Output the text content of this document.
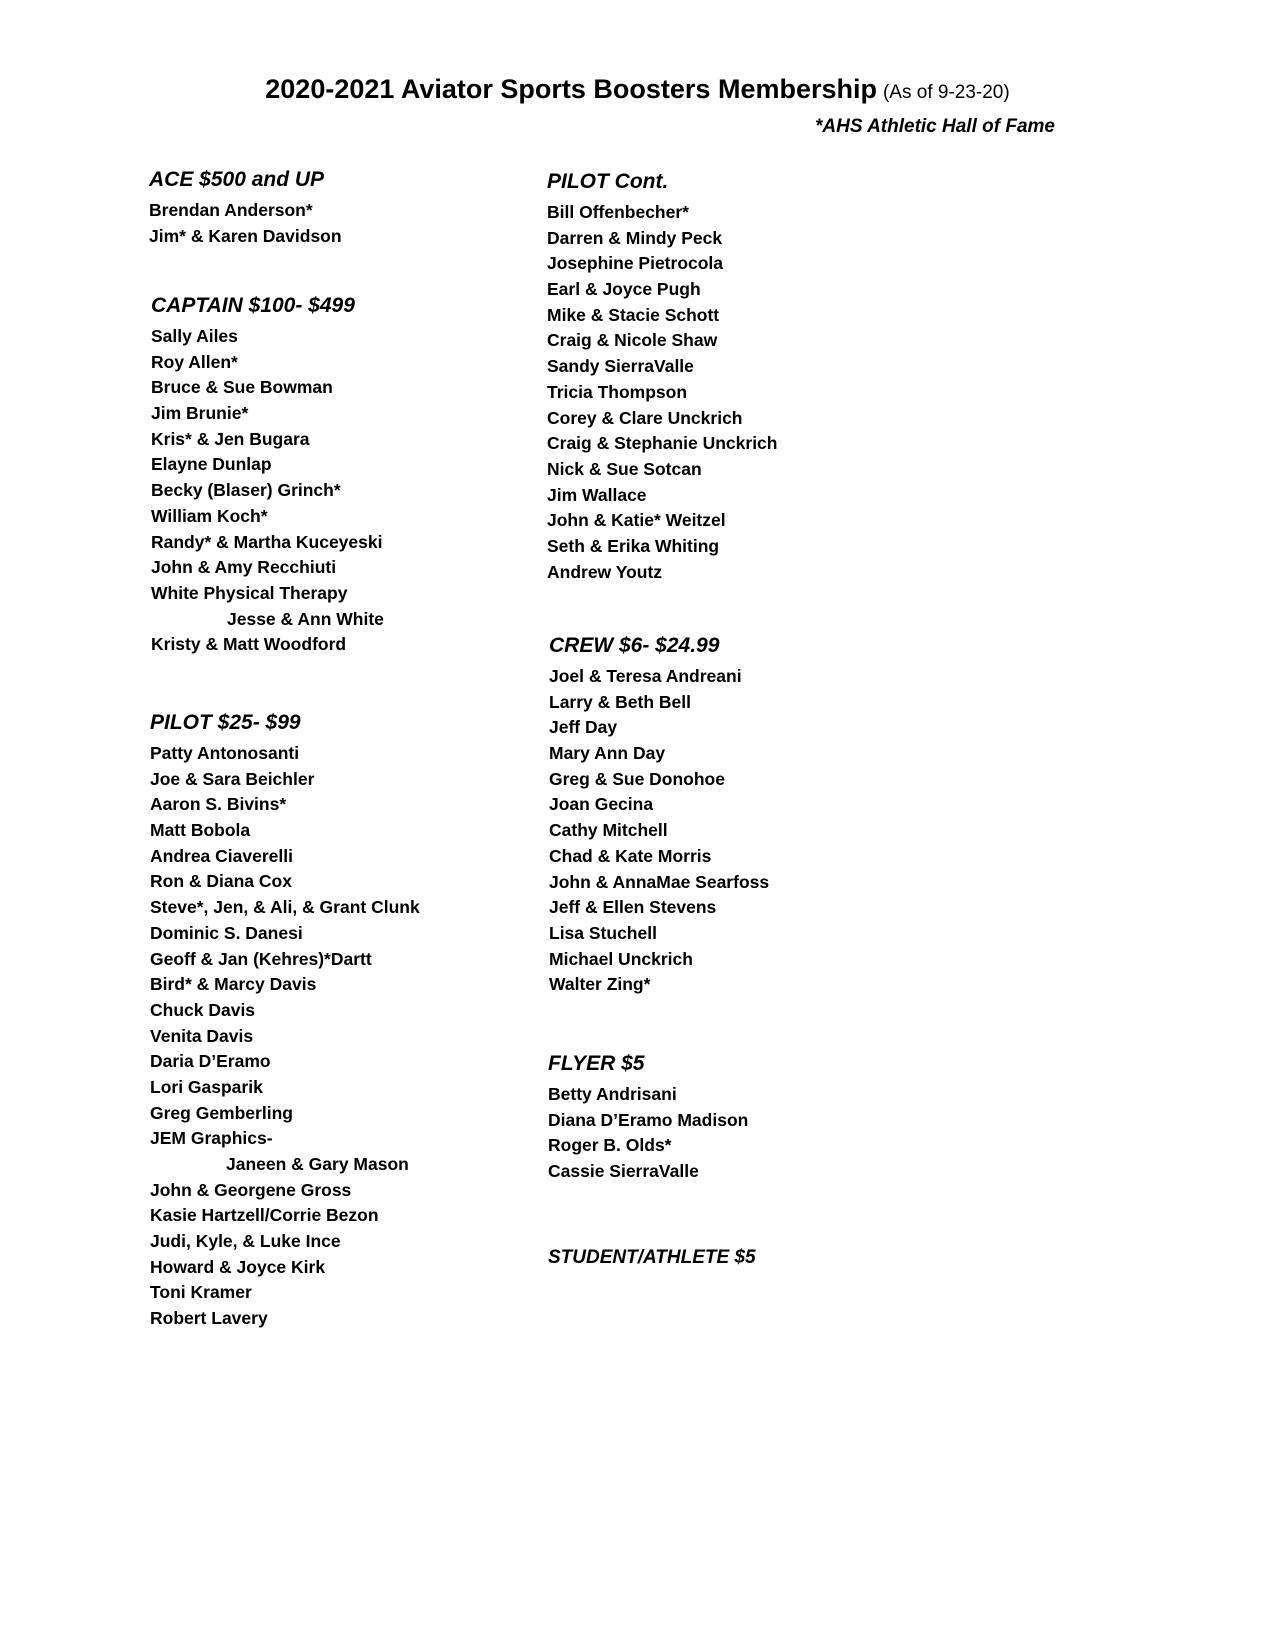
2020-2021 Aviator Sports Boosters Membership (As of 9-23-20)
*AHS Athletic Hall of Fame
ACE $500 and UP
Brendan Anderson*
Jim* & Karen Davidson
CAPTAIN $100- $499
Sally Ailes
Roy Allen*
Bruce & Sue Bowman
Jim Brunie*
Kris* & Jen Bugara
Elayne Dunlap
Becky (Blaser) Grinch*
William Koch*
Randy* & Martha Kuceyeski
John & Amy Recchiuti
White Physical Therapy
Jesse & Ann White
Kristy & Matt Woodford
PILOT $25- $99
Patty Antonosanti
Joe & Sara Beichler
Aaron S. Bivins*
Matt Bobola
Andrea Ciaverelli
Ron & Diana Cox
Steve*, Jen, & Ali, & Grant Clunk
Dominic S. Danesi
Geoff & Jan (Kehres)*Dartt
Bird* & Marcy Davis
Chuck Davis
Venita Davis
Daria D’Eramo
Lori Gasparik
Greg Gemberling
JEM Graphics-
Janeen & Gary Mason
John & Georgene Gross
Kasie Hartzell/Corrie Bezon
Judi, Kyle, & Luke Ince
Howard & Joyce Kirk
Toni Kramer
Robert Lavery
PILOT Cont.
Bill Offenbecher*
Darren & Mindy Peck
Josephine Pietrocola
Earl & Joyce Pugh
Mike & Stacie Schott
Craig & Nicole Shaw
Sandy SierraValle
Tricia Thompson
Corey & Clare Unckrich
Craig & Stephanie Unckrich
Nick & Sue Sotcan
Jim Wallace
John & Katie* Weitzel
Seth & Erika Whiting
Andrew Youtz
CREW $6- $24.99
Joel & Teresa Andreani
Larry & Beth Bell
Jeff Day
Mary Ann Day
Greg & Sue Donohoe
Joan Gecina
Cathy Mitchell
Chad & Kate Morris
John & AnnaMae Searfoss
Jeff & Ellen Stevens
Lisa Stuchell
Michael Unckrich
Walter Zing*
FLYER $5
Betty Andrisani
Diana D’Eramo Madison
Roger B. Olds*
Cassie SierraValle
STUDENT/ATHLETE $5
